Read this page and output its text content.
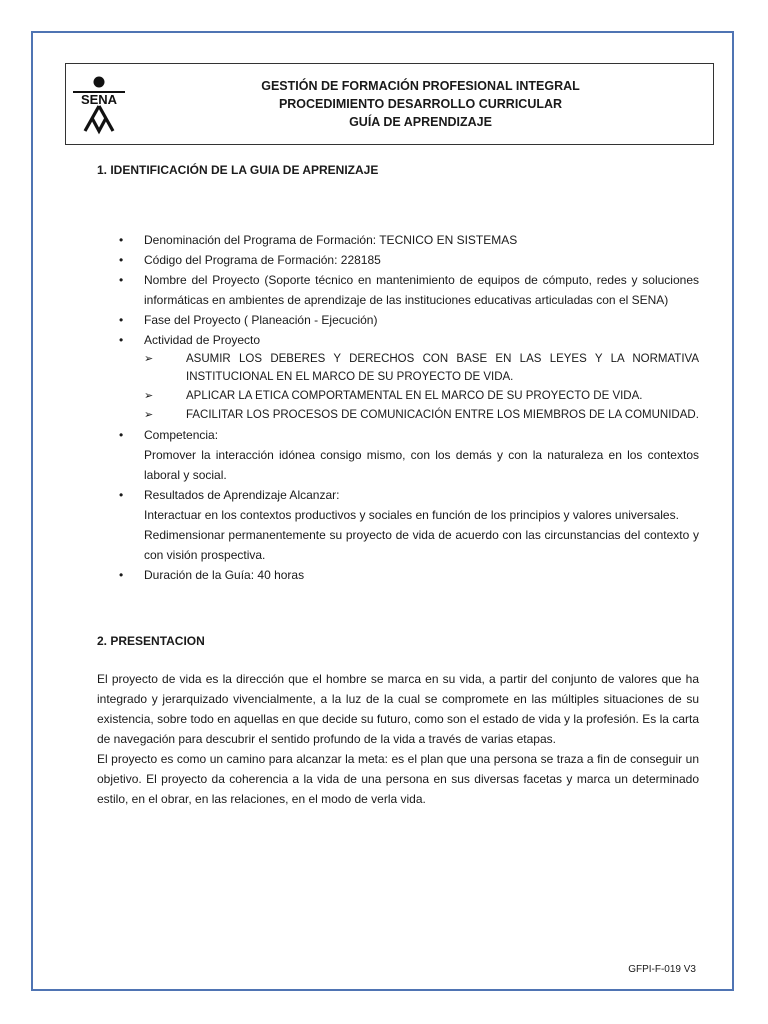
SENA
GESTIÓN DE FORMACIÓN PROFESIONAL INTEGRAL
PROCEDIMIENTO DESARROLLO CURRICULAR
GUÍA DE APRENDIZAJE

1. IDENTIFICACIÓN DE LA GUIA DE APRENIZAJE

• Denominación del Programa de Formación: TECNICO EN SISTEMAS
• Código del Programa de Formación: 228185
• Nombre del Proyecto (Soporte técnico en mantenimiento de equipos de cómputo, redes y soluciones informáticas en ambientes de aprendizaje de las instituciones educativas articuladas con el SENA)
• Fase del Proyecto ( Planeación - Ejecución)
• Actividad de Proyecto
➢	ASUMIR LOS DEBERES Y DERECHOS CON BASE EN LAS LEYES Y LA NORMATIVA INSTITUCIONAL EN EL MARCO DE SU PROYECTO DE VIDA.
➢	APLICAR LA ETICA COMPORTAMENTAL EN EL MARCO DE SU PROYECTO DE VIDA.
➢	FACILITAR LOS PROCESOS DE COMUNICACIÓN ENTRE LOS MIEMBROS DE LA COMUNIDAD.
• Competencia:
Promover la interacción idónea consigo mismo, con los demás y con la naturaleza en los contextos laboral y social.
• Resultados de Aprendizaje Alcanzar:
Interactuar en los contextos productivos y sociales en función de los principios y valores universales.
Redimensionar permanentemente su proyecto de vida de acuerdo con las circunstancias del contexto y con visión prospectiva.
• Duración de la Guía: 40 horas

2. PRESENTACION

El proyecto de vida es la dirección que el hombre se marca en su vida, a partir del conjunto de valores que ha integrado y jerarquizado vivencialmente, a la luz de la cual se compromete en las múltiples situaciones de su existencia, sobre todo en aquellas en que decide su futuro, como son el estado de vida y la profesión. Es la carta de navegación para descubrir el sentido profundo de la vida a través de varias etapas.

El proyecto es como un camino para alcanzar la meta: es el plan que una persona se traza a fin de conseguir un objetivo. El proyecto da coherencia a la vida de una persona en sus diversas facetas y marca un determinado estilo, en el obrar, en las relaciones, en el modo de verla vida.

GFPI-F-019 V3
